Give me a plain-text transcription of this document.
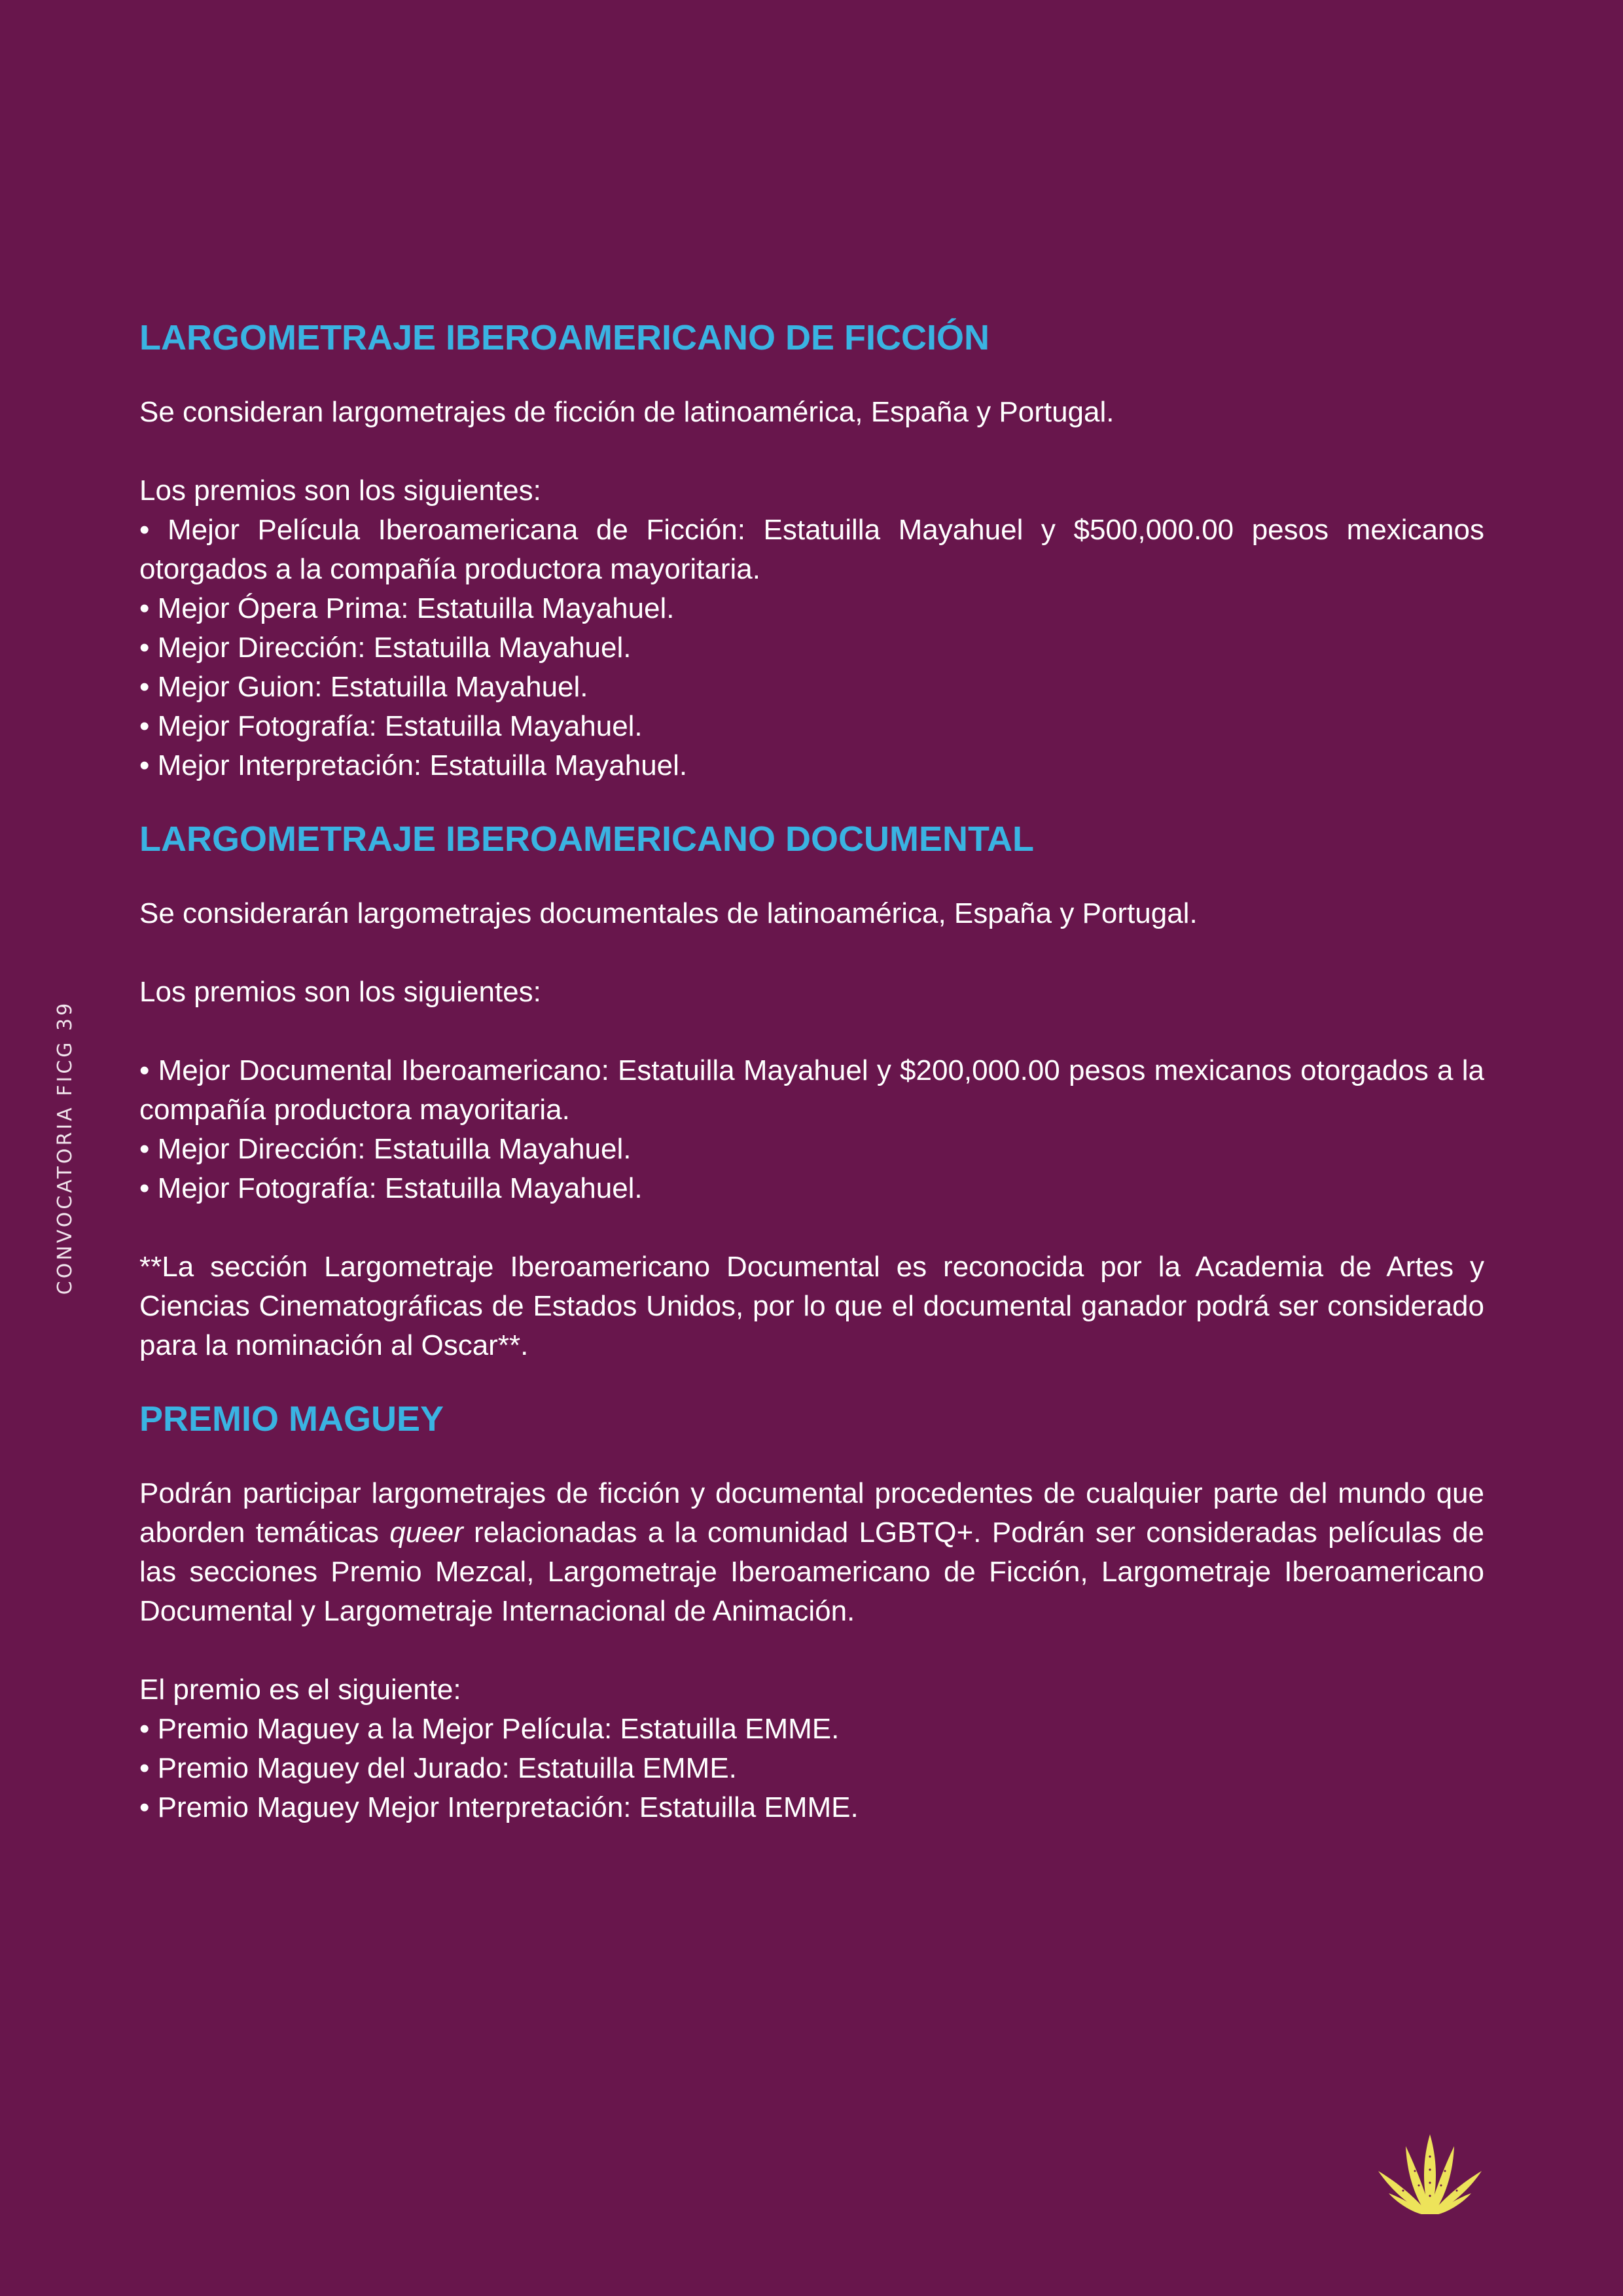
CONVOCATORIA FICG 39
LARGOMETRAJE IBEROAMERICANO DE FICCIÓN

Se consideran largometrajes de ficción de latinoamérica, España y Portugal.

Los premios son los siguientes:

• Mejor Película Iberoamericana de Ficción: Estatuilla Mayahuel y $500,000.00 pesos mexicanos otorgados a la compañía productora mayoritaria.
• Mejor Ópera Prima: Estatuilla Mayahuel.
• Mejor Dirección: Estatuilla Mayahuel.
• Mejor Guion: Estatuilla Mayahuel.
• Mejor Fotografía: Estatuilla Mayahuel.
• Mejor Interpretación: Estatuilla Mayahuel.
LARGOMETRAJE IBEROAMERICANO DOCUMENTAL

Se considerarán largometrajes documentales de latinoamérica, España y Portugal.

Los premios son los siguientes:

• Mejor Documental Iberoamericano: Estatuilla Mayahuel y $200,000.00 pesos mexicanos otorgados a la compañía productora mayoritaria.
• Mejor Dirección: Estatuilla Mayahuel.
• Mejor Fotografía: Estatuilla Mayahuel.

**La sección Largometraje Iberoamericano Documental es reconocida por la Academia de Artes y Ciencias Cinematográficas de Estados Unidos, por lo que el documental ganador podrá ser considerado para la nominación al Oscar**.

PREMIO MAGUEY

Podrán participar largometrajes de ficción y documental procedentes de cualquier parte del mundo que aborden temáticas queer relacionadas a la comunidad LGBTQ+. Podrán ser consideradas películas de las secciones Premio Mezcal, Largometraje Iberoamericano de Ficción, Largometraje Iberoamericano Documental y Largometraje Internacional de Animación.

El premio es el siguiente:

• Premio Maguey a la Mejor Película: Estatuilla EMME.
• Premio Maguey del Jurado: Estatuilla EMME.
• Premio Maguey Mejor Interpretación: Estatuilla EMME.
